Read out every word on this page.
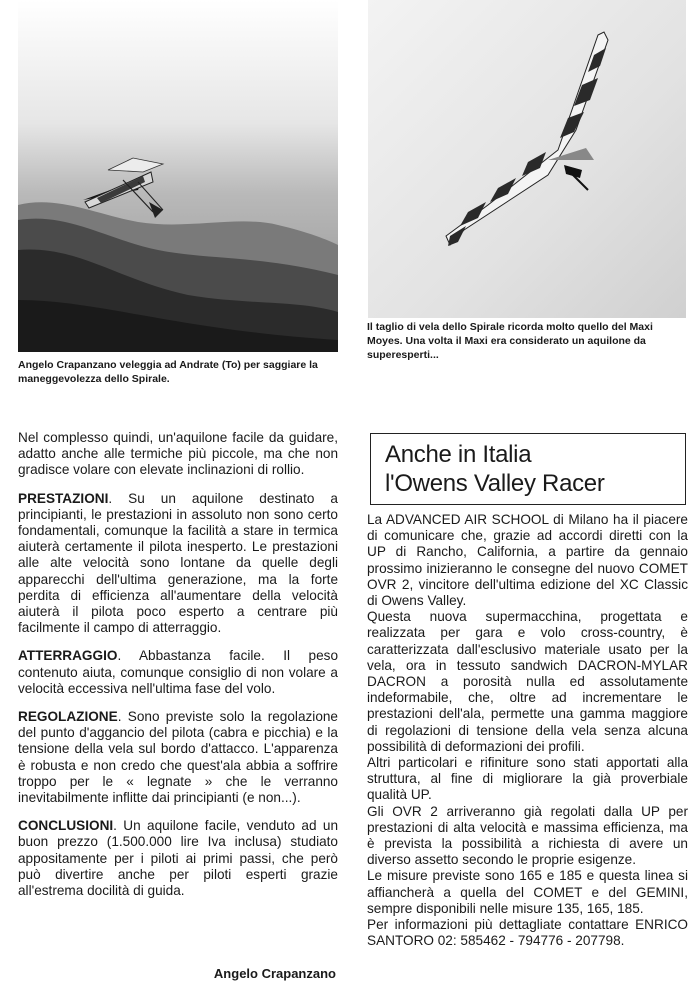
Angelo Crapanzano veleggia ad Andrate (To) per saggiare la maneggevolezza dello Spirale.
Il taglio di vela dello Spirale ricorda molto quello del Maxi Moyes. Una volta il Maxi era considerato un aquilone da superesperti...

Nel complesso quindi, un'aquilone facile da guidare, adatto anche alle termiche più piccole, ma che non gradisce volare con elevate inclinazioni di rollio.

PRESTAZIONI. Su un aquilone destinato a principianti, le prestazioni in assoluto non sono certo fondamentali, comunque la facilità a stare in termica aiuterà certamente il pilota inesperto. Le prestazioni alle alte velocità sono lontane da quelle degli apparecchi dell'ultima generazione, ma la forte perdita di efficienza all'aumentare della velocità aiuterà il pilota poco esperto a centrare più facilmente il campo di atterraggio.

ATTERRAGGIO. Abbastanza facile. Il peso contenuto aiuta, comunque consiglio di non volare a velocità eccessiva nell'ultima fase del volo.

REGOLAZIONE. Sono previste solo la regolazione del punto d'aggancio del pilota (cabra e picchia) e la tensione della vela sul bordo d'attacco. L'apparenza è robusta e non credo che quest'ala abbia a soffrire troppo per le « legnate » che le verranno inevitabilmente inflitte dai principianti (e non...).

CONCLUSIONI. Un aquilone facile, venduto ad un buon prezzo (1.500.000 lire Iva inclusa) studiato appositamente per i piloti ai primi passi, che però può divertire anche per piloti esperti grazie all'estrema docilità di guida.

Angelo Crapanzano
Anche in Italia
l'Owens Valley Racer

La ADVANCED AIR SCHOOL di Milano ha il piacere di comunicare che, grazie ad accordi diretti con la UP di Rancho, California, a partire da gennaio prossimo inizieranno le consegne del nuovo COMET OVR 2, vincitore dell'ultima edizione del XC Classic di Owens Valley.

Questa nuova supermacchina, progettata e realizzata per gara e volo cross-country, è caratterizzata dall'esclusivo materiale usato per la vela, ora in tessuto sandwich DACRON-MYLAR DACRON a porosità nulla ed assolutamente indeformabile, che, oltre ad incrementare le prestazioni dell'ala, permette una gamma maggiore di regolazioni di tensione della vela senza alcuna possibilità di deformazioni dei profili.

Altri particolari e rifiniture sono stati apportati alla struttura, al fine di migliorare la già proverbiale qualità UP.

Gli OVR 2 arriveranno già regolati dalla UP per prestazioni di alta velocità e massima efficienza, ma è prevista la possibilità a richiesta di avere un diverso assetto secondo le proprie esigenze.

Le misure previste sono 165 e 185 e questa linea si affiancherà a quella del COMET e del GEMINI, sempre disponibili nelle misure 135, 165, 185.

Per informazioni più dettagliate contattare ENRICO SANTORO 02: 585462 - 794776 - 207798.
